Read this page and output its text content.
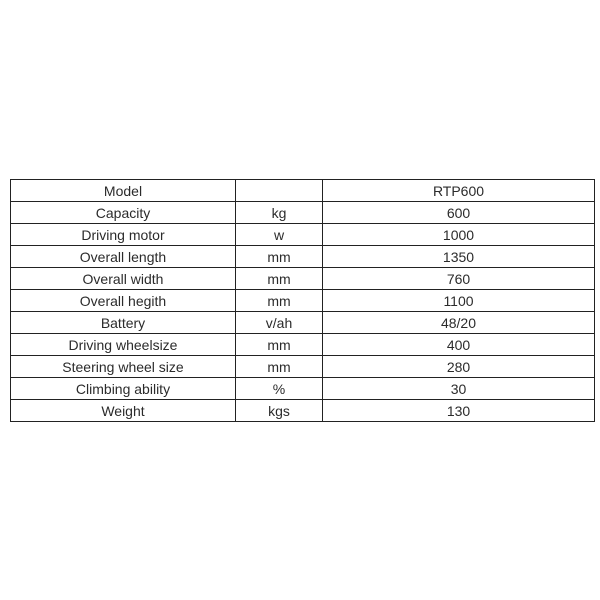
Model		RTP600
Capacity	kg	600
Driving motor	w	1000
Overall length	mm	1350
Overall width	mm	760
Overall hegith	mm	1100
Battery	v/ah	48/20
Driving wheelsize	mm	400
Steering wheel size	mm	280
Climbing ability	%	30
Weight	kgs	130
